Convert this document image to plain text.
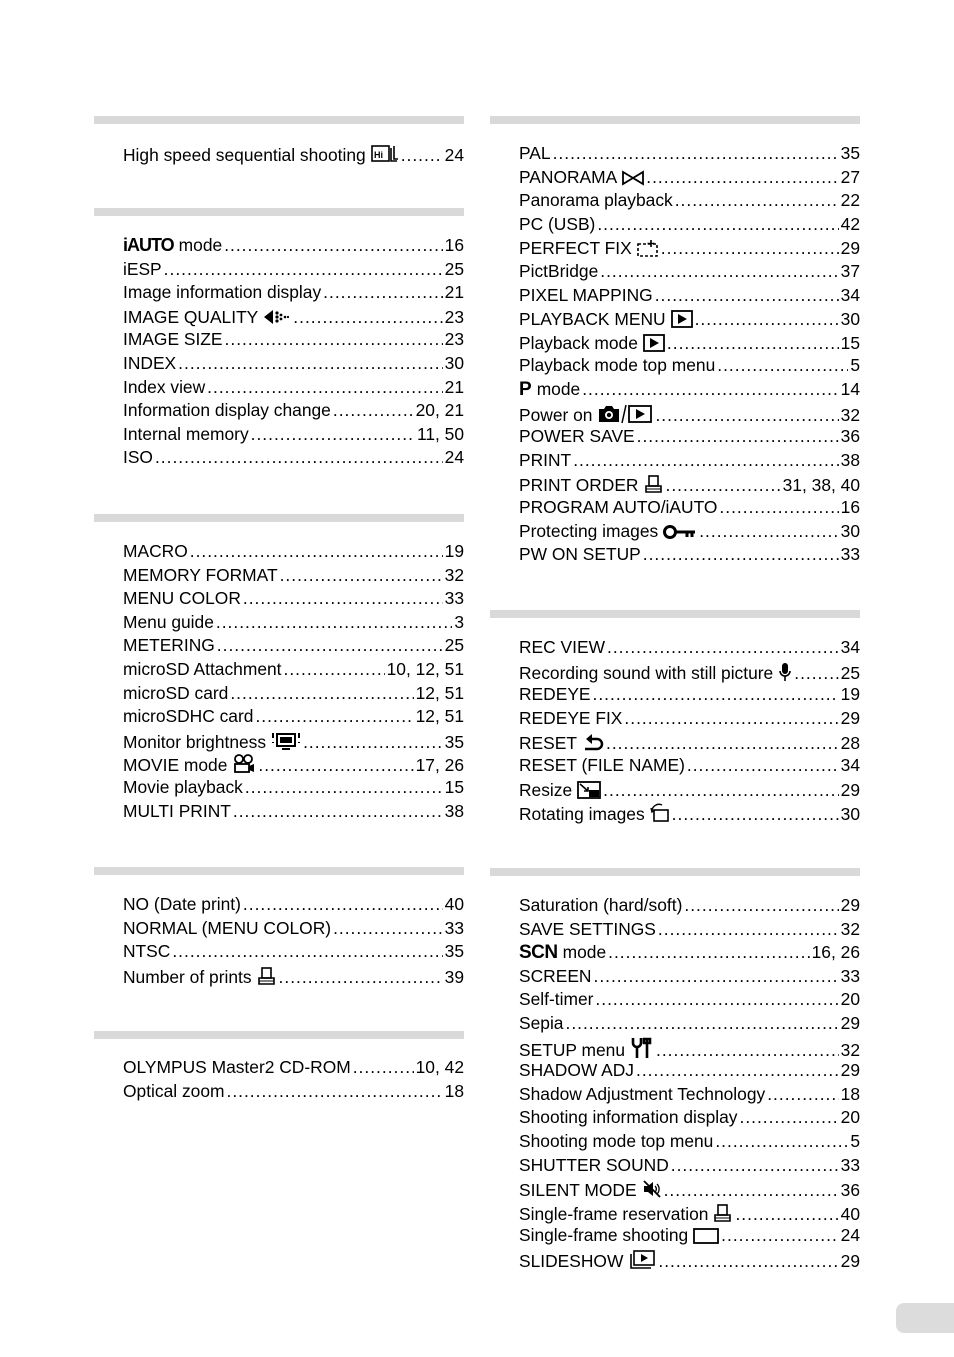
High speed sequential shooting Hi .....	24
iAUTO mode .....	16
iESP .....	25
Image information display .....	21
IMAGE QUALITY .....	23
IMAGE SIZE .....	23
INDEX .....	30
Index view .....	21
Information display change .....	20, 21
Internal memory .....	11, 50
ISO .....	24
MACRO .....	19
MEMORY FORMAT .....	32
MENU COLOR .....	33
Menu guide .....	3
METERING .....	25
microSD Attachment .....	10, 12, 51
microSD card .....	12, 51
microSDHC card .....	12, 51
Monitor brightness .....	35
MOVIE mode .....	17, 26
Movie playback .....	15
MULTI PRINT .....	38
NO (Date print) .....	40
NORMAL (MENU COLOR) .....	33
NTSC .....	35
Number of prints .....	39
OLYMPUS Master2 CD-ROM .....	10, 42
Optical zoom .....	18
PAL .....	35
PANORAMA .....	27
Panorama playback .....	22
PC (USB) .....	42
PERFECT FIX .....	29
PictBridge .....	37
PIXEL MAPPING .....	34
PLAYBACK MENU .....	30
Playback mode .....	15
Playback mode top menu .....	5
P mode .....	14
Power on .....	32
POWER SAVE .....	36
PRINT .....	38
PRINT ORDER .....	31, 38, 40
PROGRAM AUTO/iAUTO .....	16
Protecting images .....	30
PW ON SETUP .....	33
REC VIEW .....	34
Recording sound with still picture .....	25
REDEYE .....	19
REDEYE FIX .....	29
RESET .....	28
RESET (FILE NAME) .....	34
Resize .....	29
Rotating images .....	30
Saturation (hard/soft) .....	29
SAVE SETTINGS .....	32
SCN mode .....	16, 26
SCREEN .....	33
Self-timer .....	20
Sepia .....	29
SETUP menu .....	32
SHADOW ADJ .....	29
Shadow Adjustment Technology .....	18
Shooting information display .....	20
Shooting mode top menu .....	5
SHUTTER SOUND .....	33
SILENT MODE .....	36
Single-frame reservation .....	40
Single-frame shooting .....	24
SLIDESHOW .....	29
